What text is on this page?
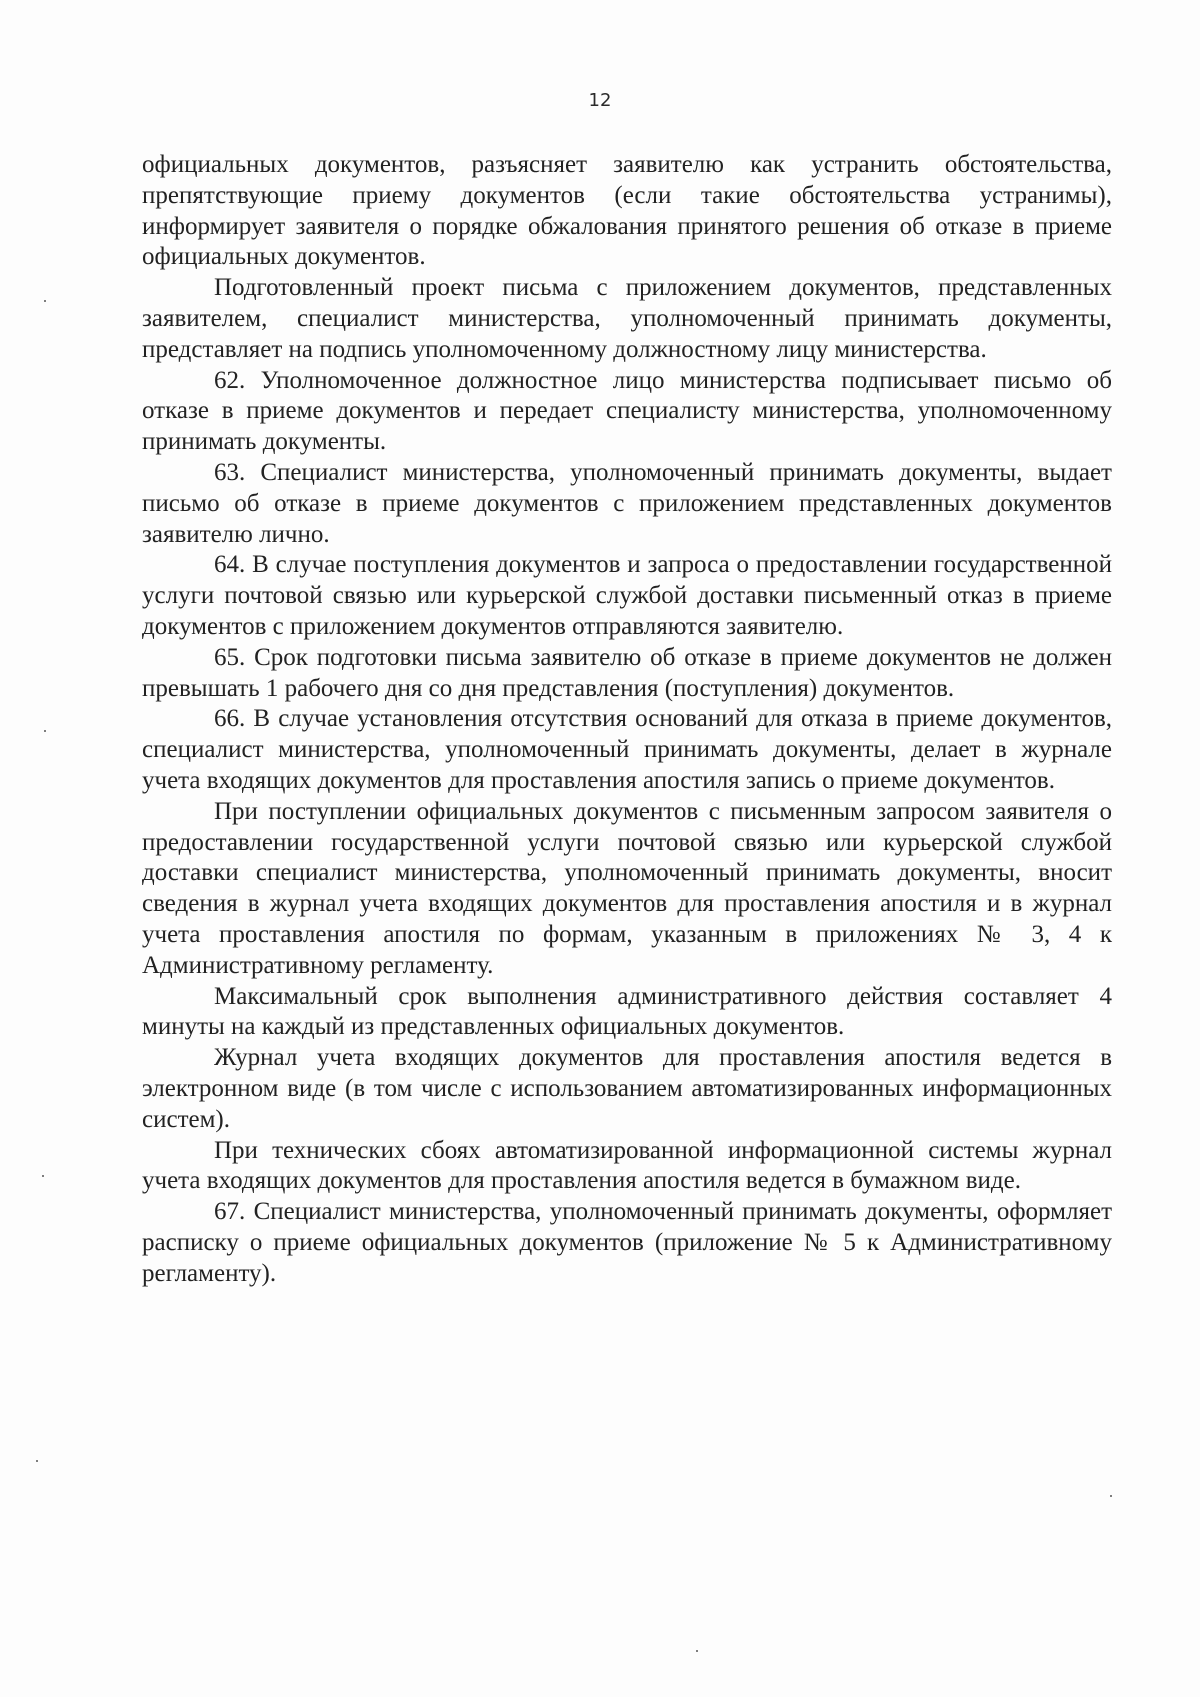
12

официальных документов, разъясняет заявителю как устранить обстоятельства, препятствующие приему документов (если такие обстоятельства устранимы), информирует заявителя о порядке обжалования принятого решения об отказе в приеме официальных документов.

Подготовленный проект письма с приложением документов, представленных заявителем, специалист министерства, уполномоченный принимать документы, представляет на подпись уполномоченному должностному лицу министерства.

62. Уполномоченное должностное лицо министерства подписывает письмо об отказе в приеме документов и передает специалисту министерства, уполномоченному принимать документы.

63. Специалист министерства, уполномоченный принимать документы, выдает письмо об отказе в приеме документов с приложением представленных документов заявителю лично.

64. В случае поступления документов и запроса о предоставлении государственной услуги почтовой связью или курьерской службой доставки письменный отказ в приеме документов с приложением документов отправляются заявителю.

65. Срок подготовки письма заявителю об отказе в приеме документов не должен превышать 1 рабочего дня со дня представления (поступления) документов.

66. В случае установления отсутствия оснований для отказа в приеме документов, специалист министерства, уполномоченный принимать документы, делает в журнале учета входящих документов для проставления апостиля запись о приеме документов.

При поступлении официальных документов с письменным запросом заявителя о предоставлении государственной услуги почтовой связью или курьерской службой доставки специалист министерства, уполномоченный принимать документы, вносит сведения в журнал учета входящих документов для проставления апостиля и в журнал учета проставления апостиля по формам, указанным в приложениях № 3, 4 к Административному регламенту.

Максимальный срок выполнения административного действия составляет 4 минуты на каждый из представленных официальных документов.

Журнал учета входящих документов для проставления апостиля ведется в электронном виде (в том числе с использованием автоматизированных информационных систем).

При технических сбоях автоматизированной информационной системы журнал учета входящих документов для проставления апостиля ведется в бумажном виде.

67. Специалист министерства, уполномоченный принимать документы, оформляет расписку о приеме официальных документов (приложение № 5 к Административному регламенту).
